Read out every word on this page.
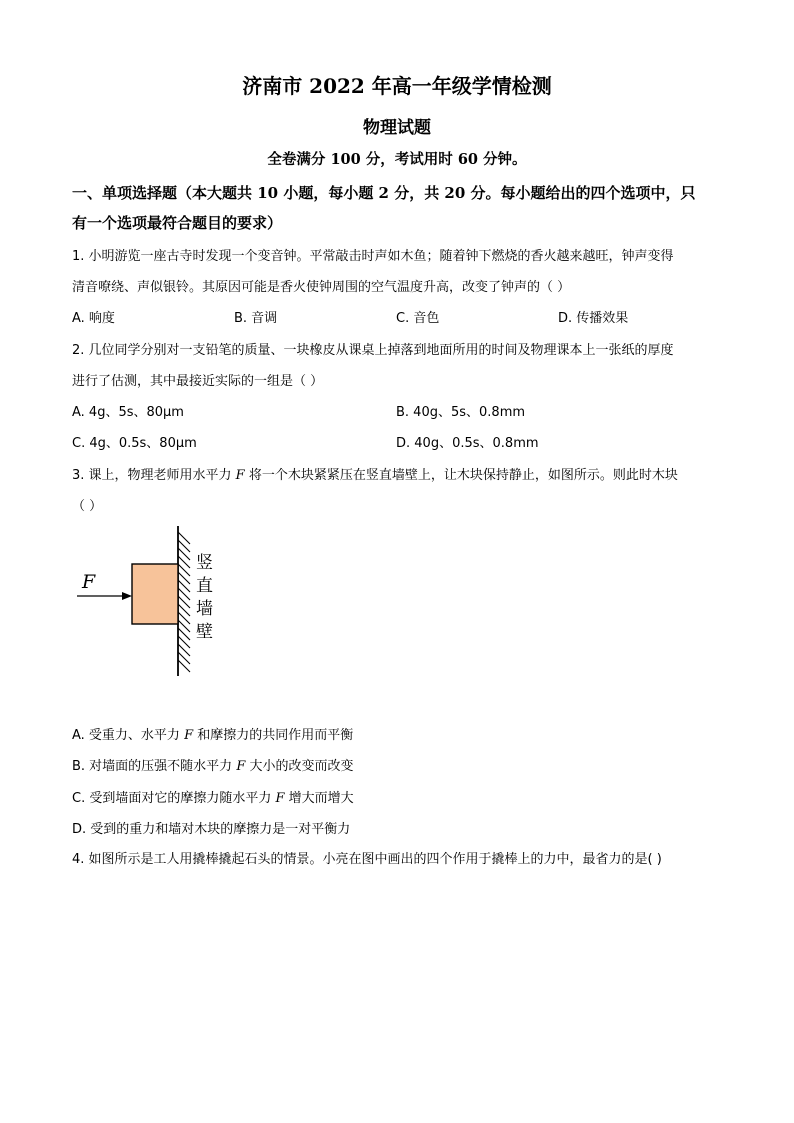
济南市 2022 年高一年级学情检测
物理试题
全卷满分 100 分，考试用时 60 分钟。
一、单项选择题（本大题共 10 小题，每小题 2 分，共 20 分。每小题给出的四个选项中，只
有一个选项最符合题目的要求）
1. 小明游览一座古寺时发现一个变音钟。平常敲击时声如木鱼；随着钟下燃烧的香火越来越旺，钟声变得
清音嘹绕、声似银铃。其原因可能是香火使钟周围的空气温度升高，改变了钟声的（ ）
A. 响度	B. 音调	C. 音色	D. 传播效果
2. 几位同学分别对一支铅笔的质量、一块橡皮从课桌上掉落到地面所用的时间及物理课本上一张纸的厚度
进行了估测，其中最接近实际的一组是（ ）
A. 4g、5s、80μm	B. 40g、5s、0.8mm
C. 4g、0.5s、80μm	D. 40g、0.5s、0.8mm
3. 课上，物理老师用水平力 F 将一个木块紧紧压在竖直墙壁上，让木块保持静止，如图所示。则此时木块
（ ）
F
竖
直
墙
壁
A. 受重力、水平力 F 和摩擦力的共同作用而平衡
B. 对墙面的压强不随水平力 F 大小的改变而改变
C. 受到墙面对它的摩擦力随水平力 F 增大而增大
D. 受到的重力和墙对木块的摩擦力是一对平衡力
4. 如图所示是工人用撬棒撬起石头的情景。小亮在图中画出的四个作用于撬棒上的力中，最省力的是( )
